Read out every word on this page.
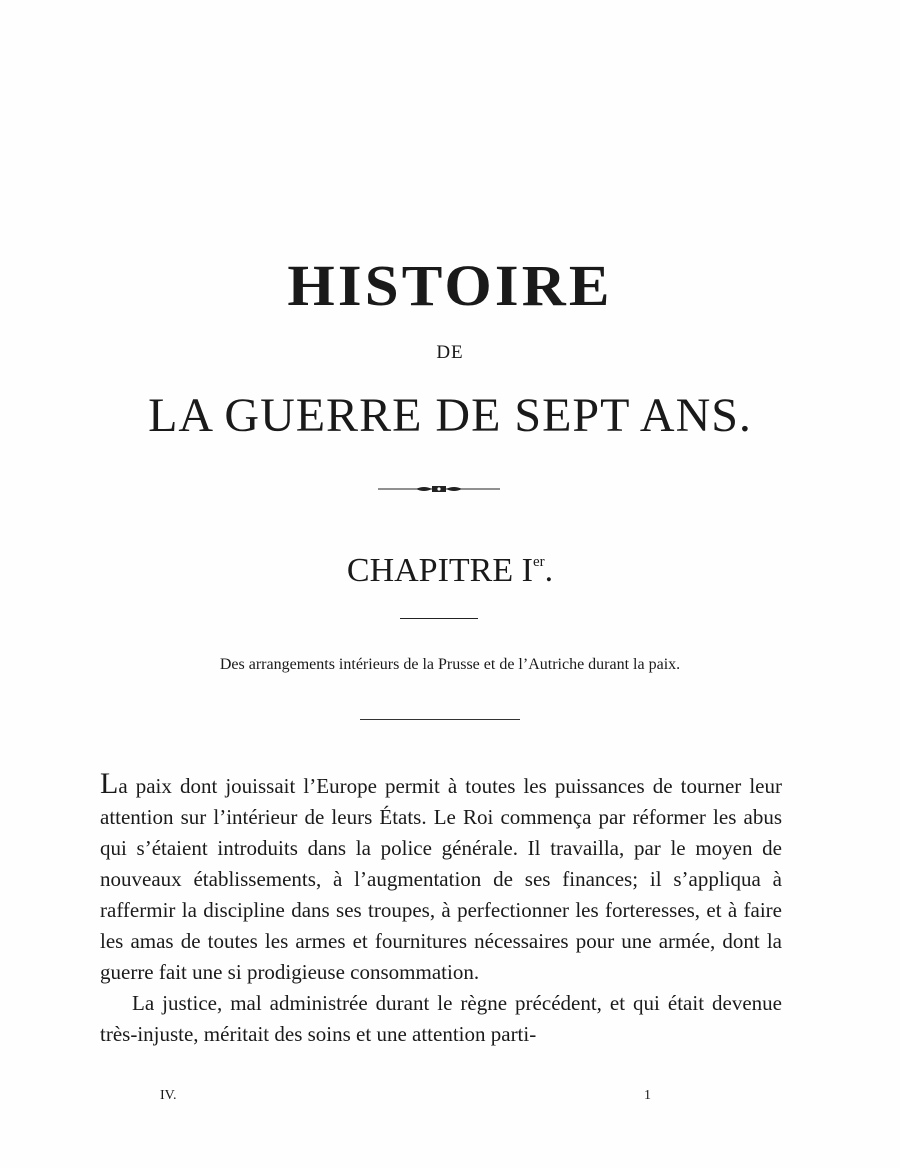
HISTOIRE
DE
LA GUERRE DE SEPT ANS.
CHAPITRE Ier.
Des arrangements intérieurs de la Prusse et de l’Autriche durant la paix.

La paix dont jouissait l’Europe permit à toutes les puissances de tourner leur attention sur l’intérieur de leurs États. Le Roi commença par réformer les abus qui s’étaient introduits dans la police générale. Il travailla, par le moyen de nouveaux établissements, à l’augmentation de ses finances; il s’appliqua à raffermir la discipline dans ses troupes, à perfectionner les forteresses, et à faire les amas de toutes les armes et fournitures nécessaires pour une armée, dont la guerre fait une si prodigieuse consommation.

La justice, mal administrée durant le règne précédent, et qui était devenue très-injuste, méritait des soins et une attention parti-

IV.	1
